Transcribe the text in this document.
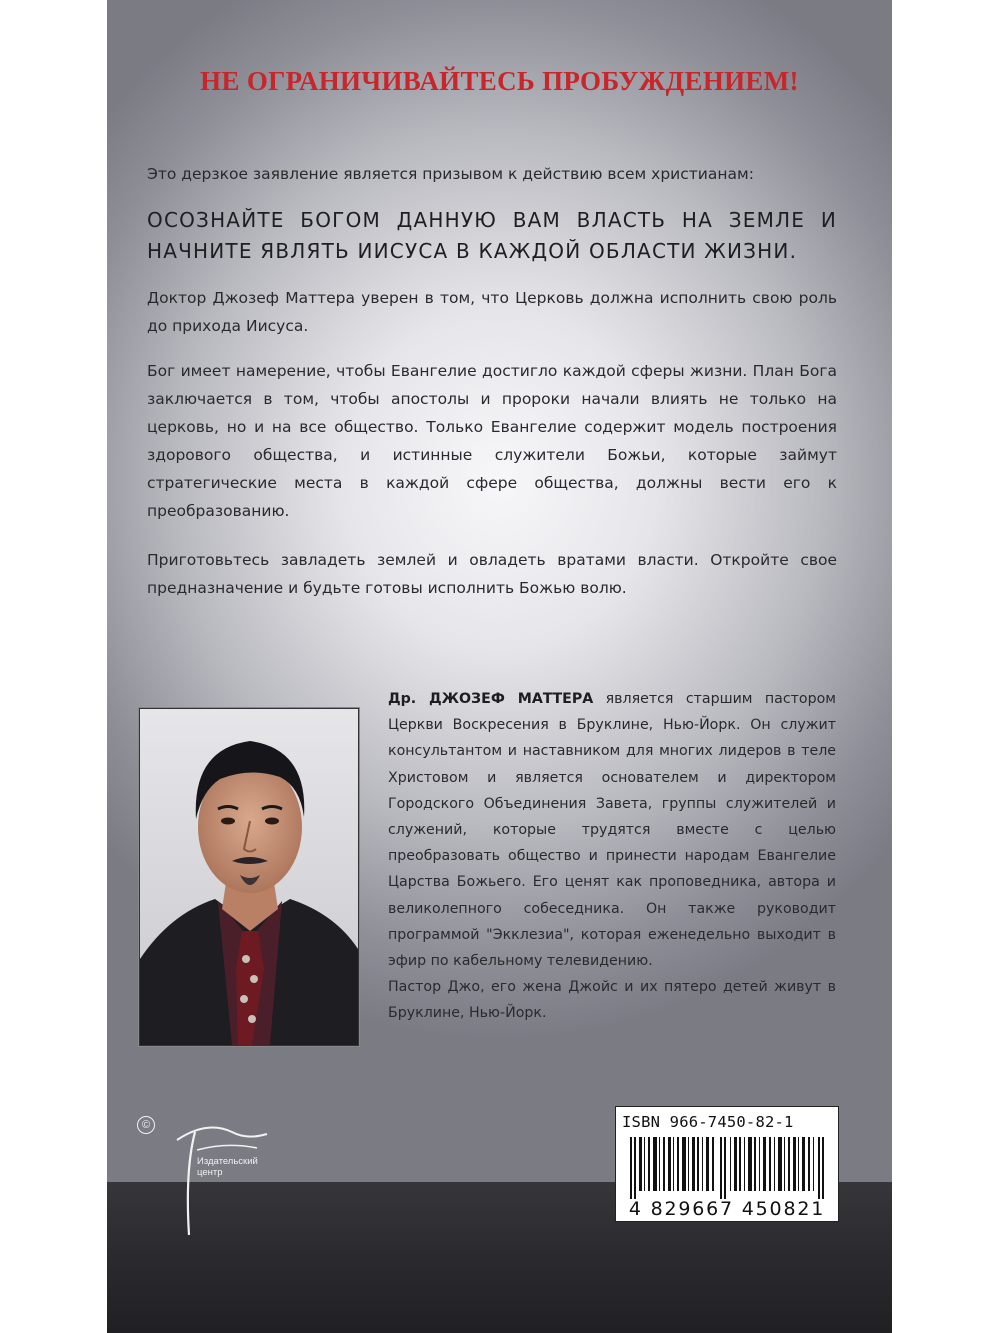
НЕ ОГРАНИЧИВАЙТЕСЬ ПРОБУЖДЕНИЕМ!

Это дерзкое заявление является призывом к действию всем христианам:

ОСОЗНАЙТЕ БОГОМ ДАННУЮ ВАМ ВЛАСТЬ НА ЗЕМЛЕ И НАЧНИТЕ ЯВЛЯТЬ ИИСУСА В КАЖДОЙ ОБЛАСТИ ЖИЗНИ.

Доктор Джозеф Маттера уверен в том, что Церковь должна исполнить свою роль до прихода Иисуса.

Бог имеет намерение, чтобы Евангелие достигло каждой сферы жизни. План Бога заключается в том, чтобы апостолы и пророки начали влиять не только на церковь, но и на все общество. Только Евангелие содержит модель построения здорового общества, и истинные служители Божьи, которые займут стратегические места в каждой сфере общества, должны вести его к преобразованию.

Приготовьтесь завладеть землей и овладеть вратами власти. Откройте свое предназначение и будьте готовы исполнить Божью волю.

Др. ДЖОЗЕФ МАТТЕРА является старшим пастором Церкви Воскресения в Бруклине, Нью-Йорк. Он служит консультантом и наставником для многих лидеров в теле Христовом и является основателем и директором Городского Объединения Завета, группы служителей и служений, которые трудятся вместе с целью преобразовать общество и принести народам Евангелие Царства Божьего. Его ценят как проповедника, автора и великолепного собеседника. Он также руководит программой "Экклезиа", которая еженедельно выходит в эфир по кабельному телевидению.
Пастор Джо, его жена Джойс и их пятеро детей живут в Бруклине, Нью-Йорк.

©
Издательский
центр
ISBN 966-7450-82-1
4 829667 450821
